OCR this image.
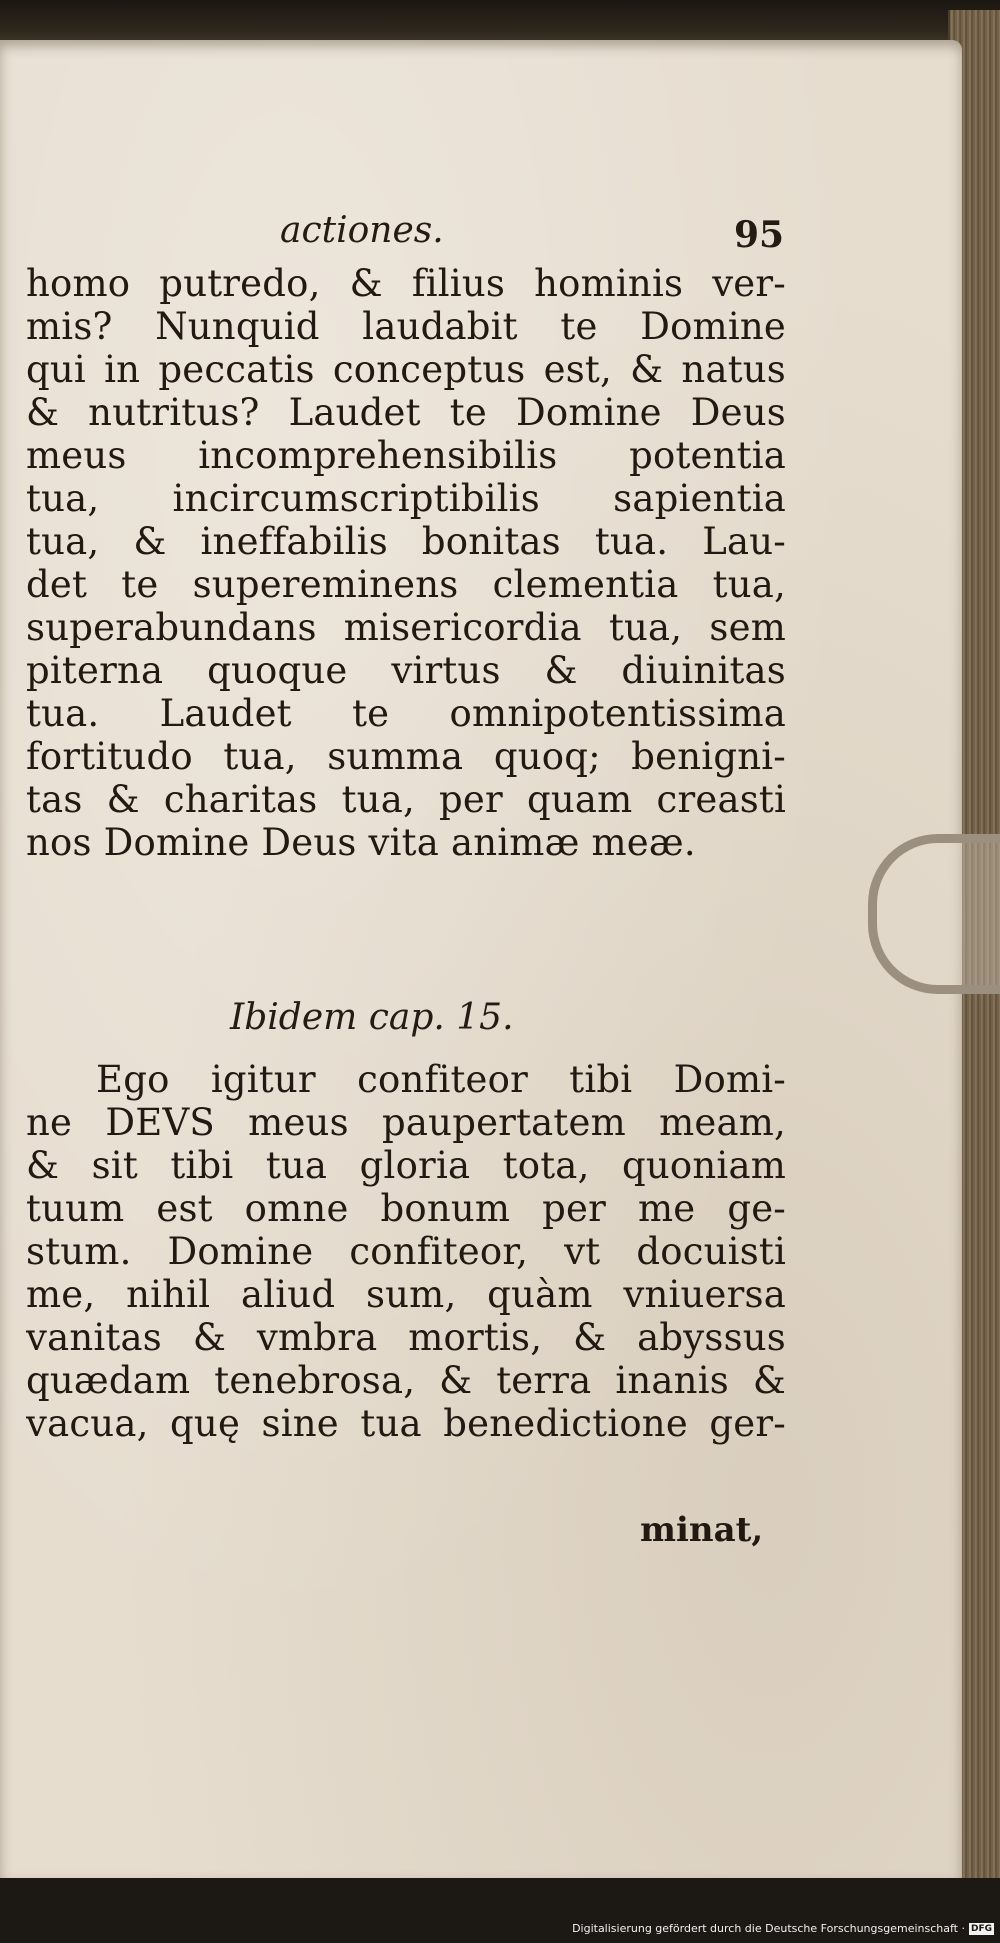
actiones.	95
homo putredo, & filius hominis ver-
mis? Nunquid laudabit te Domine
qui in peccatis conceptus est, & natus
& nutritus? Laudet te Domine Deus
meus incomprehensibilis potentia
tua, incircumscriptibilis sapientia
tua, & ineffabilis bonitas tua. Lau-
det te supereminens clementia tua,
superabundans misericordia tua, sem
piterna quoque virtus & diuinitas
tua. Laudet te omnipotentissima
fortitudo tua, summa quoq; benigni-
tas & charitas tua, per quam creasti
nos Domine Deus vita animæ meæ.
Ibidem cap. 15.
Ego igitur confiteor tibi Domi-
ne DEVS meus paupertatem meam,
& sit tibi tua gloria tota, quoniam
tuum est omne bonum per me ge-
stum. Domine confiteor, vt docuisti
me, nihil aliud sum, quàm vniuersa
vanitas & vmbra mortis, & abyssus
quædam tenebrosa, & terra inanis &
vacua, quę sine tua benedictione ger-
minat,
Digitalisierung gefördert durch die Deutsche Forschungsgemeinschaft · DFG
